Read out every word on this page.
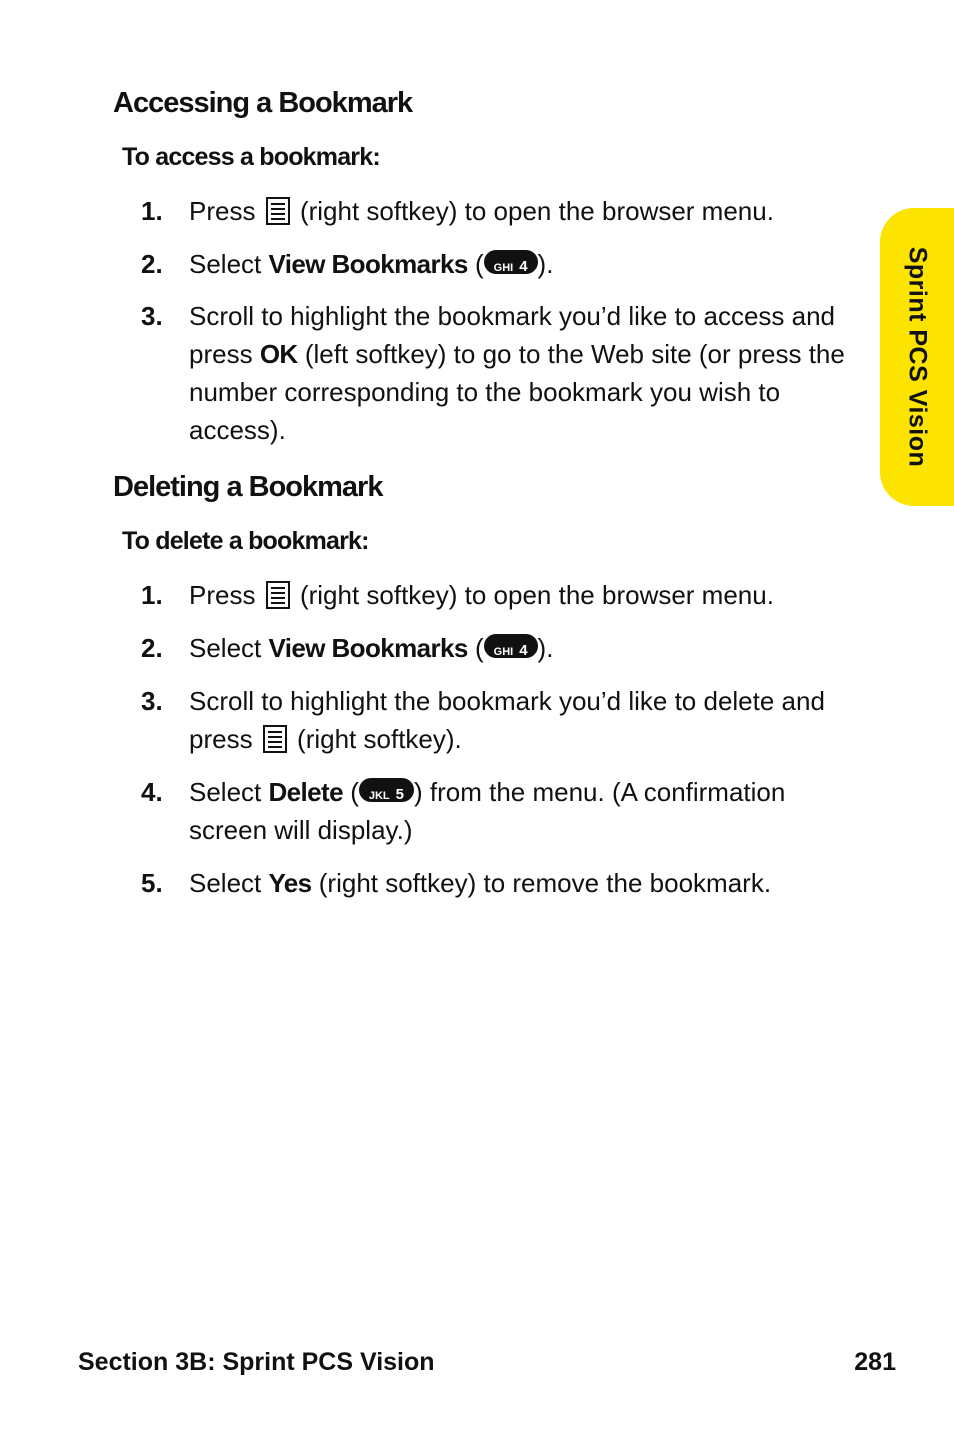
Sprint PCS Vision
Accessing a Bookmark

To access a bookmark:

1. Press (right softkey) to open the browser menu.
2. Select View Bookmarks ( GHI 4 ).
3. Scroll to highlight the bookmark you’d like to access and press OK (left softkey) to go to the Web site (or press the number corresponding to the bookmark you wish to access).
Deleting a Bookmark

To delete a bookmark:

1. Press (right softkey) to open the browser menu.
2. Select View Bookmarks ( GHI 4 ).
3. Scroll to highlight the bookmark you’d like to delete and press (right softkey).
4. Select Delete ( JKL 5 ) from the menu. (A confirmation screen will display.)
5. Select Yes (right softkey) to remove the bookmark.
Section 3B: Sprint PCS Vision	281
